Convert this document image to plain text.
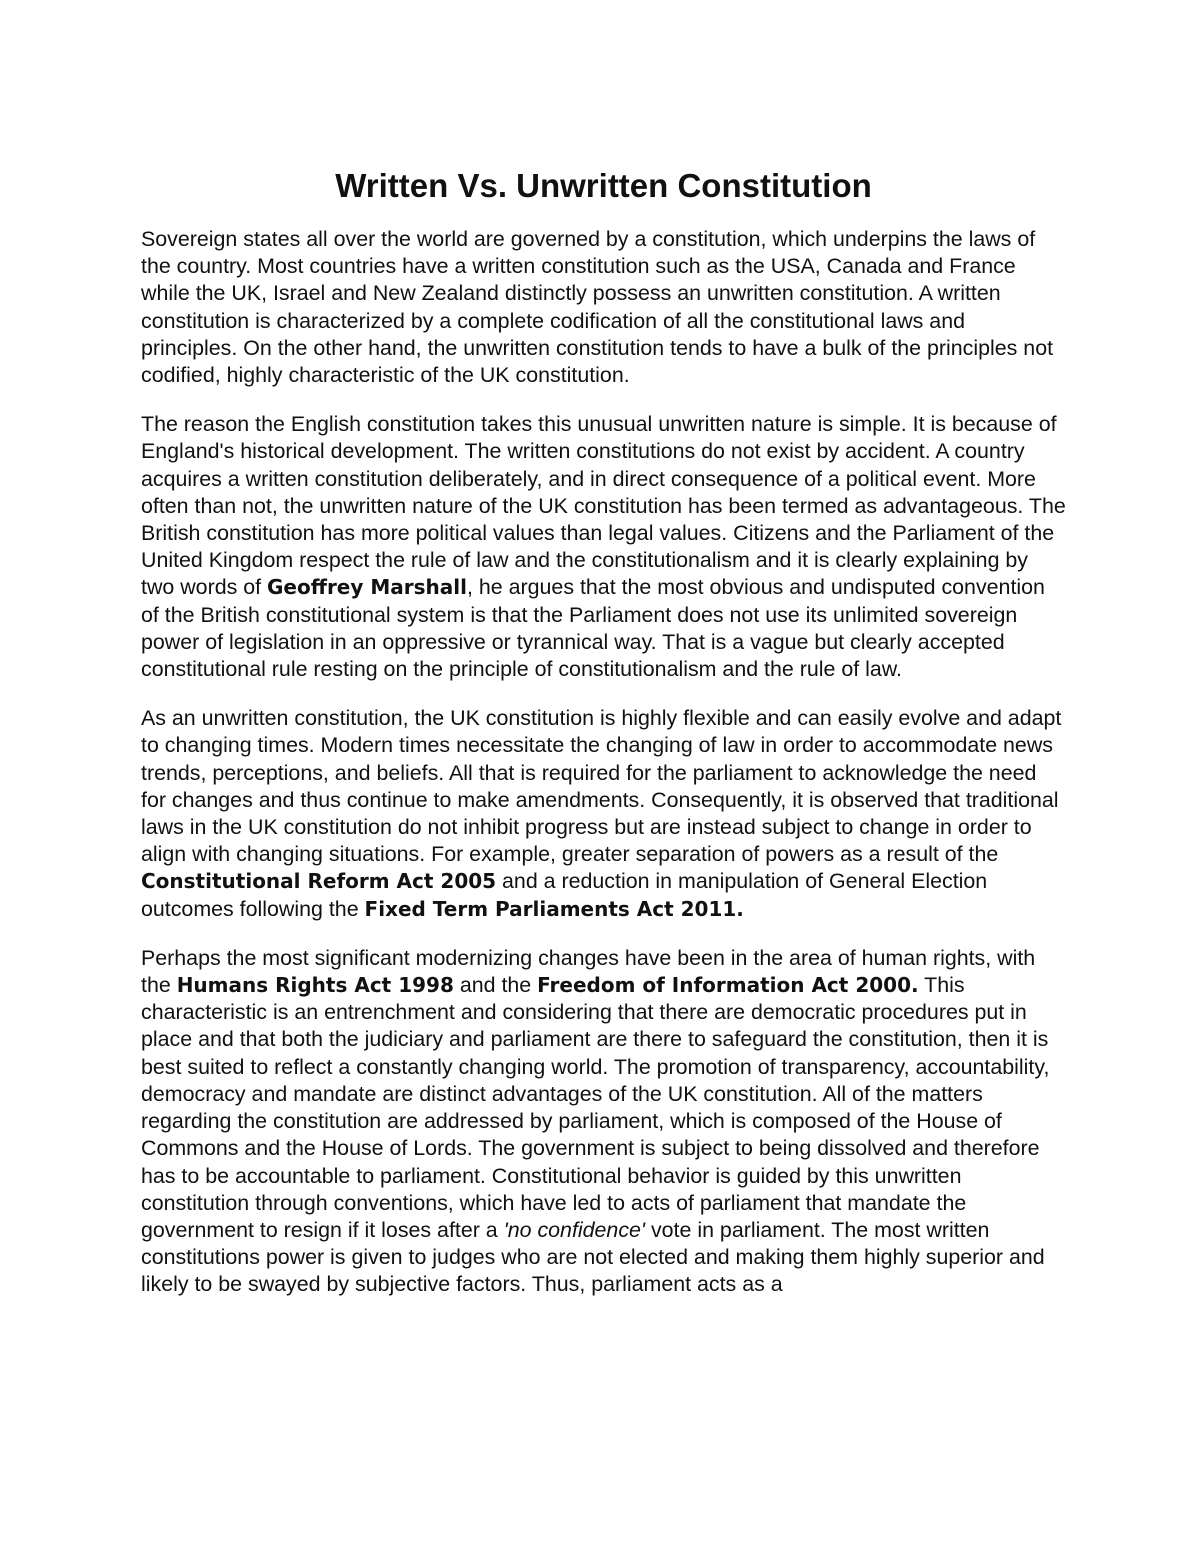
Written Vs. Unwritten Constitution

Sovereign states all over the world are governed by a constitution, which underpins the laws of the country. Most countries have a written constitution such as the USA, Canada and France while the UK, Israel and New Zealand distinctly possess an unwritten constitution. A written constitution is characterized by a complete codification of all the constitutional laws and principles. On the other hand, the unwritten constitution tends to have a bulk of the principles not codified, highly characteristic of the UK constitution.

The reason the English constitution takes this unusual unwritten nature is simple. It is because of England's historical development. The written constitutions do not exist by accident. A country acquires a written constitution deliberately, and in direct consequence of a political event. More often than not, the unwritten nature of the UK constitution has been termed as advantageous. The British constitution has more political values than legal values. Citizens and the Parliament of the United Kingdom respect the rule of law and the constitutionalism and it is clearly explaining by two words of Geoffrey Marshall, he argues that the most obvious and undisputed convention of the British constitutional system is that the Parliament does not use its unlimited sovereign power of legislation in an oppressive or tyrannical way. That is a vague but clearly accepted constitutional rule resting on the principle of constitutionalism and the rule of law.

As an unwritten constitution, the UK constitution is highly flexible and can easily evolve and adapt to changing times. Modern times necessitate the changing of law in order to accommodate news trends, perceptions, and beliefs. All that is required for the parliament to acknowledge the need for changes and thus continue to make amendments. Consequently, it is observed that traditional laws in the UK constitution do not inhibit progress but are instead subject to change in order to align with changing situations. For example, greater separation of powers as a result of the Constitutional Reform Act 2005 and a reduction in manipulation of General Election outcomes following the Fixed Term Parliaments Act 2011.

Perhaps the most significant modernizing changes have been in the area of human rights, with the Humans Rights Act 1998 and the Freedom of Information Act 2000. This characteristic is an entrenchment and considering that there are democratic procedures put in place and that both the judiciary and parliament are there to safeguard the constitution, then it is best suited to reflect a constantly changing world. The promotion of transparency, accountability, democracy and mandate are distinct advantages of the UK constitution. All of the matters regarding the constitution are addressed by parliament, which is composed of the House of Commons and the House of Lords. The government is subject to being dissolved and therefore has to be accountable to parliament. Constitutional behavior is guided by this unwritten constitution through conventions, which have led to acts of parliament that mandate the government to resign if it loses after a 'no confidence' vote in parliament. The most written constitutions power is given to judges who are not elected and making them highly superior and likely to be swayed by subjective factors. Thus, parliament acts as a
